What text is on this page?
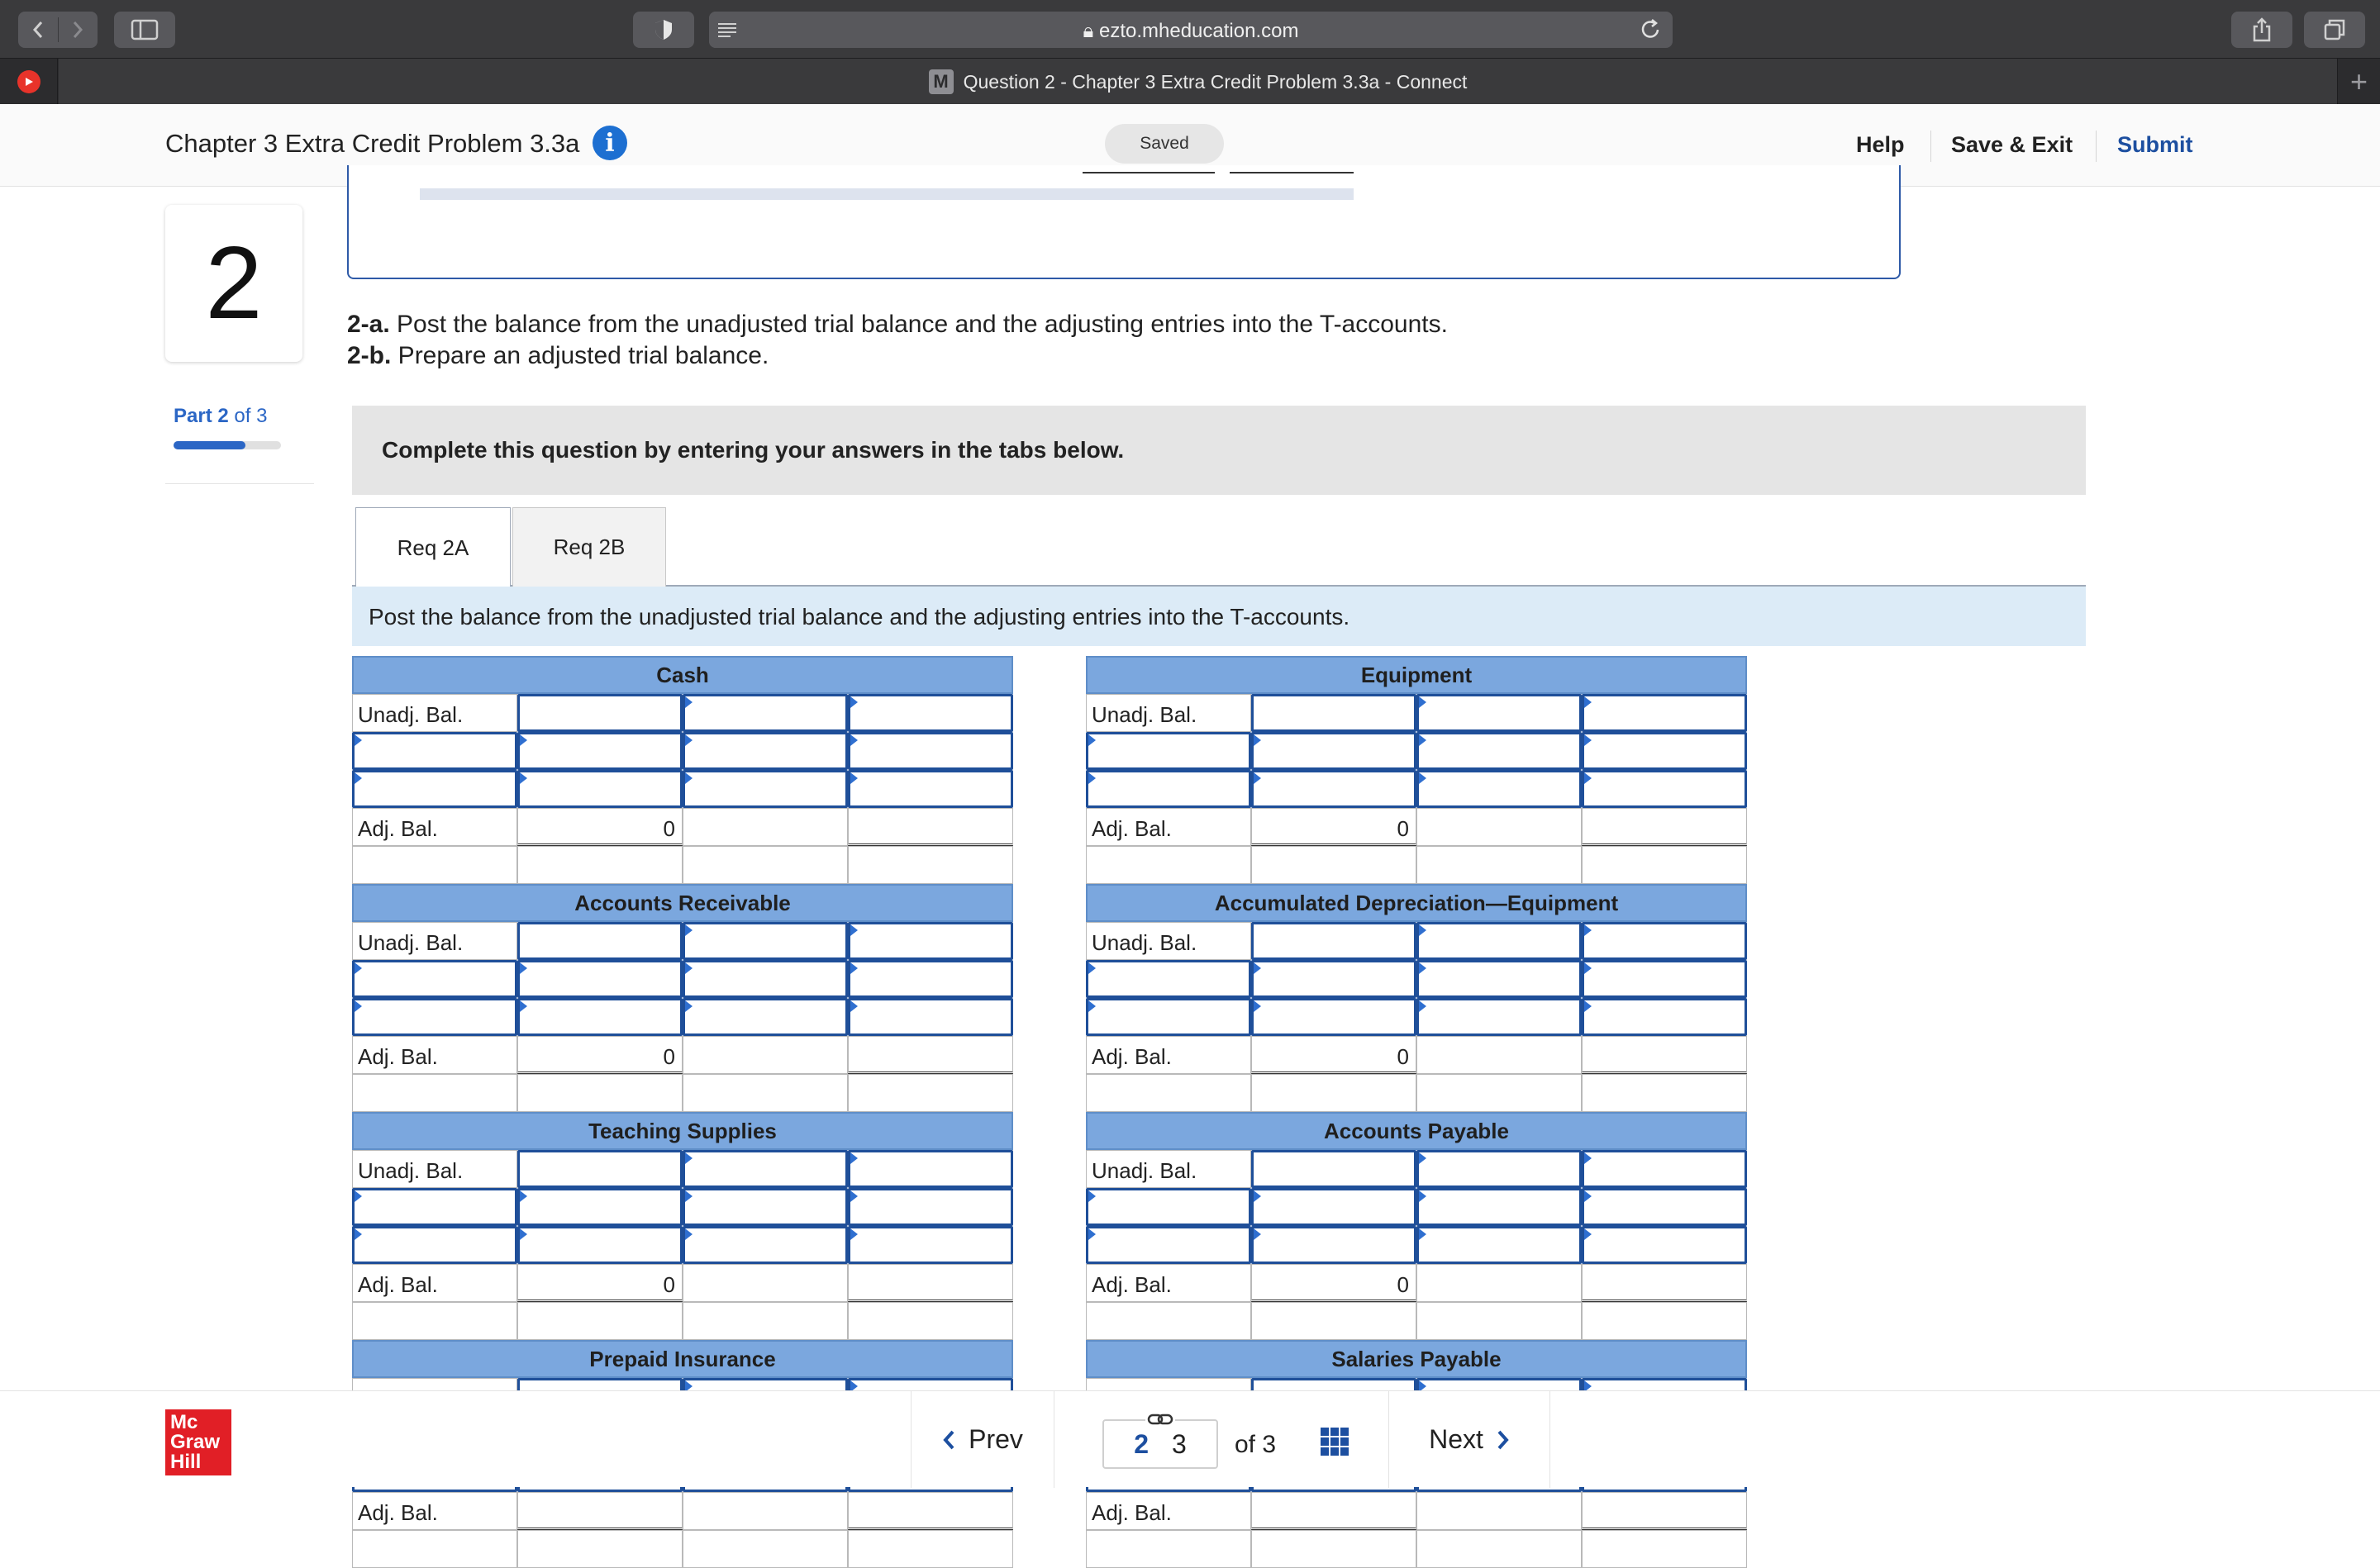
🔒︎ ezto.mheducation.com
M Question 2 - Chapter 3 Extra Credit Problem 3.3a - Connect	+
Chapter 3 Extra Credit Problem 3.3a	i	Saved	Help Save & Exit Submit
2
Part 2 of 3
2-a. Post the balance from the unadjusted trial balance and the adjusting entries into the T-accounts.
2-b. Prepare an adjusted trial balance.
Complete this question by entering your answers in the tabs below.
Req 2A	Req 2B
Post the balance from the unadjusted trial balance and the adjusting entries into the T-accounts.
Cash
Unadj. Bal.
Adj. Bal.	0
Equipment
Unadj. Bal.
Adj. Bal.	0
Accounts Receivable
Unadj. Bal.
Adj. Bal.	0
Accumulated Depreciation—Equipment
Unadj. Bal.
Adj. Bal.	0
Teaching Supplies
Unadj. Bal.
Adj. Bal.	0
Accounts Payable
Unadj. Bal.
Adj. Bal.	0
Prepaid Insurance
Adj. Bal.
Salaries Payable
Adj. Bal.
Mc
Graw
Hill
Prev	2 3 of 3	Next
